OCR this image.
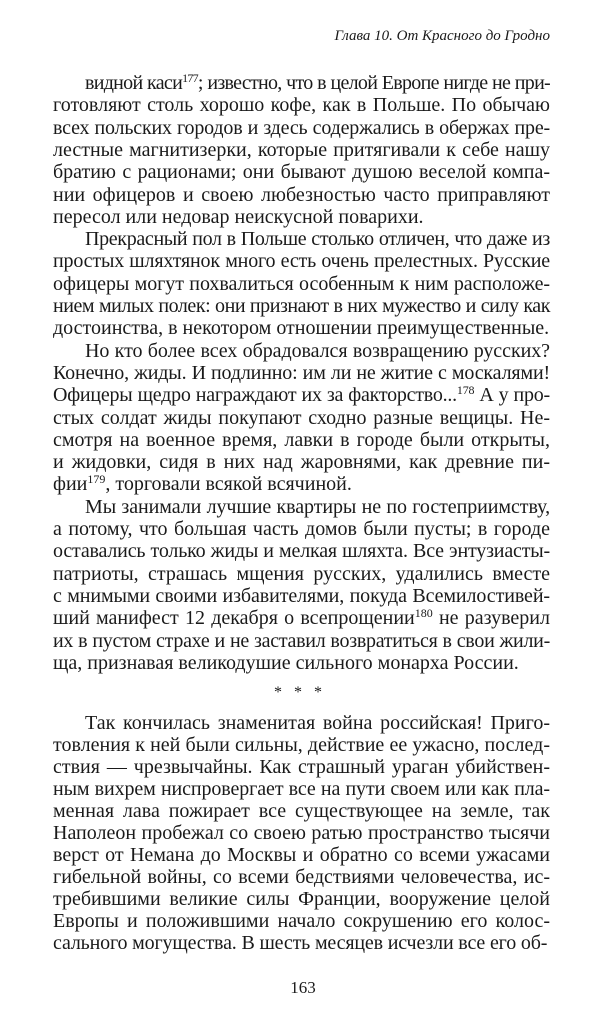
Глава 10. От Красного до Гродно
видной каси$^{177}$; известно, что в целой Европе нигде не при-
готовляют столь хорошо кофе, как в Польше. По обычаю
всех польских городов и здесь содержались в обержах пре-
лестные магнитизерки, которые притягивали к себе нашу
братию с рационами; они бывают душою веселой компа-
нии офицеров и своею любезностью часто приправляют
пересол или недовар неискусной поварихи.
Прекрасный пол в Польше столько отличен, что даже из
простых шляхтянок много есть очень прелестных. Русские
офицеры могут похвалиться особенным к ним расположе-
нием милых полек: они признают в них мужество и силу как
достоинства, в некотором отношении преимущественные.
Но кто более всех обрадовался возвращению русских?
Конечно, жиды. И подлинно: им ли не житие с москалями!
Офицеры щедро награждают их за факторство...$^{178}$ А у про-
стых солдат жиды покупают сходно разные вещицы. Не-
смотря на военное время, лавки в городе были открыты,
и жидовки, сидя в них над жаровнями, как древние пи-
фии$^{179}$, торговали всякой всячиной.
Мы занимали лучшие квартиры не по гостеприимству,
а потому, что большая часть домов были пусты; в городе
оставались только жиды и мелкая шляхта. Все энтузиасты-
патриоты, страшась мщения русских, удалились вместе
с мнимыми своими избавителями, покуда Всемилостивей-
ший манифест 12 декабря о всепрощении$^{180}$ не разуверил
их в пустом страхе и не заставил возвратиться в свои жили-
ща, признавая великодушие сильного монарха России.
Так кончилась знаменитая война российская! Приго-
товления к ней были сильны, действие ее ужасно, послед-
ствия — чрезвычайны. Как страшный ураган убийствен-
ным вихрем ниспровергает все на пути своем или как пла-
менная лава пожирает все существующее на земле, так
Наполеон пробежал со своею ратью пространство тысячи
верст от Немана до Москвы и обратно со всеми ужасами
гибельной войны, со всеми бедствиями человечества, ис-
требившими великие силы Франции, вооружение целой
Европы и положившими начало сокрушению его колос-
сального могущества. В шесть месяцев исчезли все его об-
* * *
163
